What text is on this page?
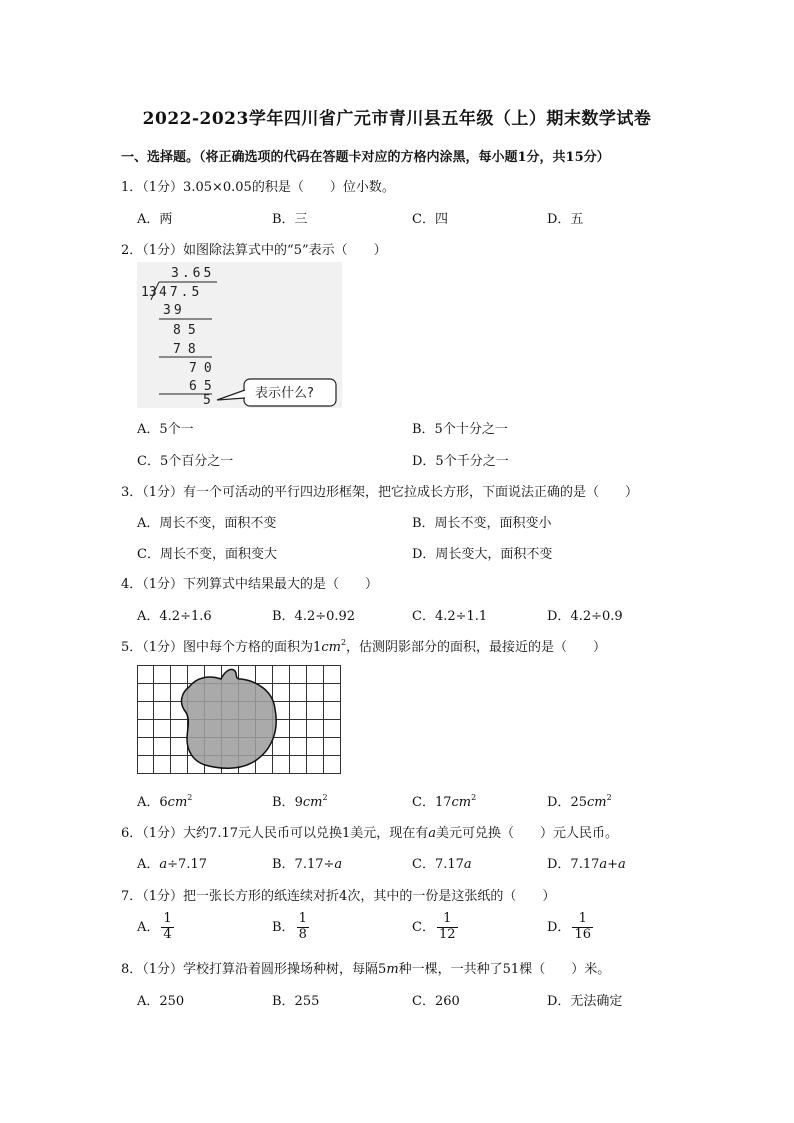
2022-2023学年四川省广元市青川县五年级（上）期末数学试卷
一、选择题。（将正确选项的代码在答题卡对应的方格内涂黑，每小题1分，共15分）
1．（1分）3.05×0.05的积是（　　）位小数。
A．两	B．三	C．四	D．五
2．（1分）如图除法算式中的“5”表示（　　）
3.65
13 47.5
39
85
78
70
65
5	表示什么?
A．5个一	B．5个十分之一
C．5个百分之一	D．5个千分之一
3．（1分）有一个可活动的平行四边形框架，把它拉成长方形，下面说法正确的是（　　）
A．周长不变，面积不变	B．周长不变，面积变小
C．周长不变，面积变大	D．周长变大，面积不变
4．（1分）下列算式中结果最大的是（　　）
A．4.2÷1.6	B．4.2÷0.92	C．4.2÷1.1	D．4.2÷0.9
5．（1分）图中每个方格的面积为$1cm^2$，估测阴影部分的面积，最接近的是（　　）
A．$6cm^2$	B．$9cm^2$	C．$17cm^2$	D．$25cm^2$
6．（1分）大约7.17元人民币可以兑换1美元，现在有a美元可兑换（　　）元人民币。
A．a÷7.17	B．7.17÷a	C．7.17a	D．7.17a+a
7．（1分）把一张长方形的纸连续对折4次，其中的一份是这张纸的（　　）
A． $\frac{1}{4}$	B． $\frac{1}{8}$	C． $\frac{1}{12}$	D． $\frac{1}{16}$
8．（1分）学校打算沿着圆形操场种树，每隔5m种一棵，一共种了51棵（　　）米。
A．250	B．255	C．260	D．无法确定
